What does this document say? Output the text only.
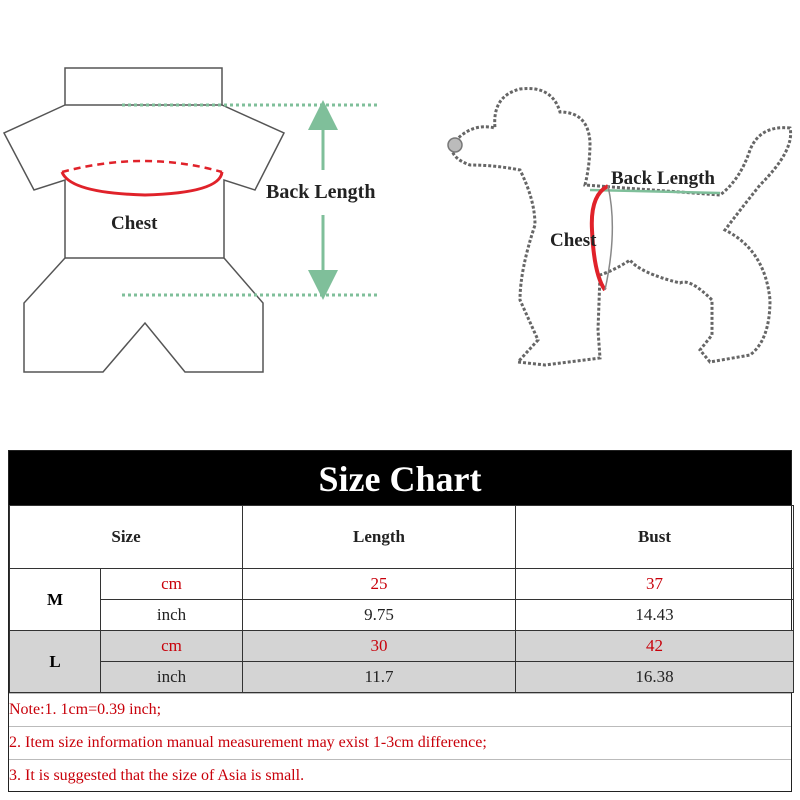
Chest
Back Length
Back Length
Chest
Size Chart
Size		Length	Bust
M	cm	25	37
	inch	9.75	14.43
L	cm	30	42
	inch	11.7	16.38
Note:1. 1cm=0.39 inch;
2. Item size information manual measurement may exist 1-3cm difference;
3. It is suggested that the size of Asia is small.
